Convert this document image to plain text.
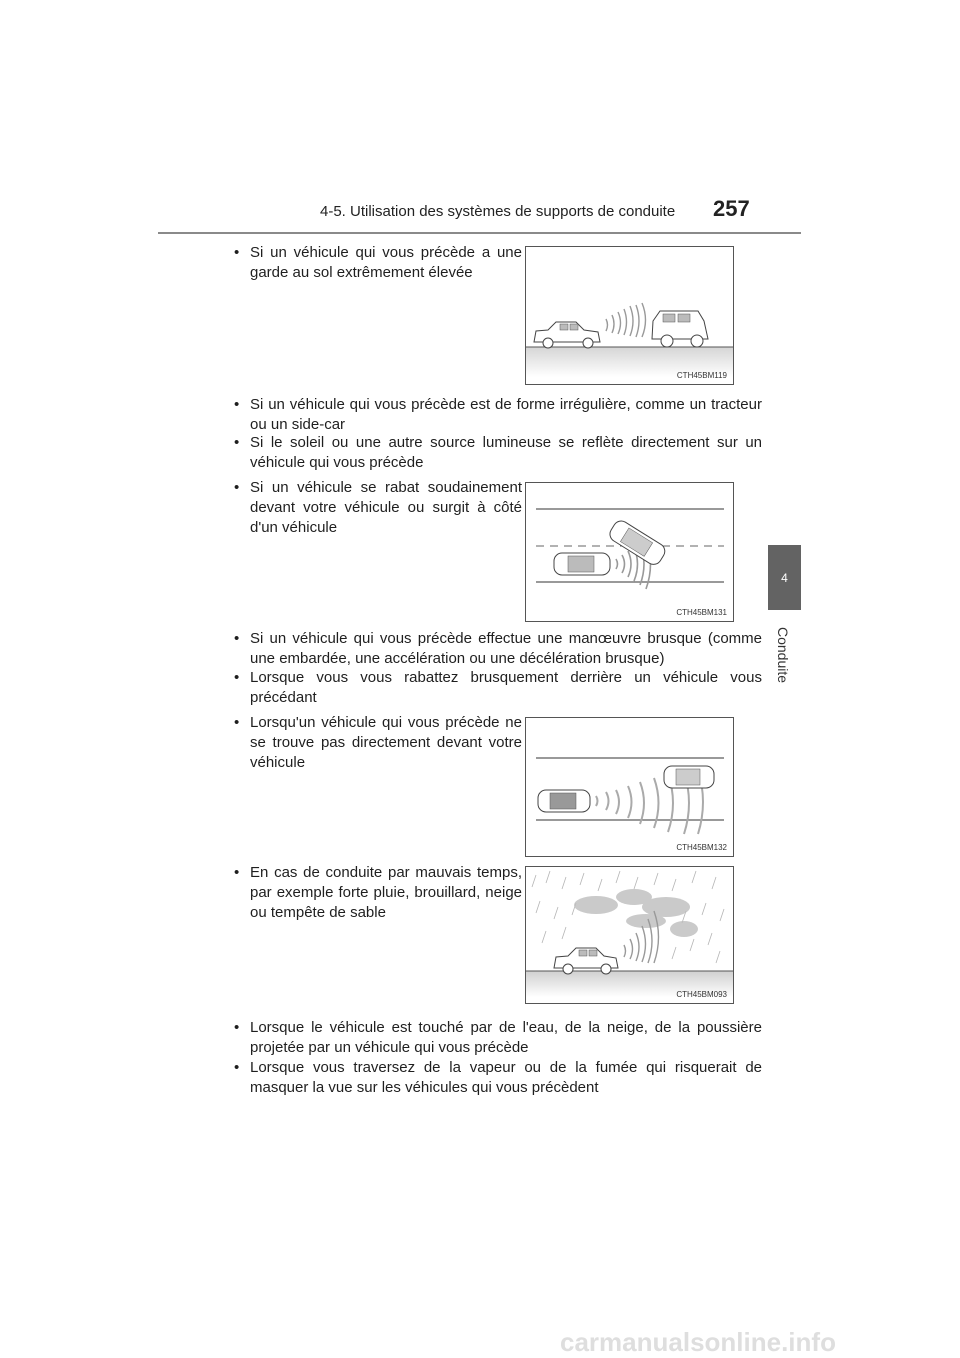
4-5. Utilisation des systèmes de supports de conduite 257
4
Conduite
• Si un véhicule qui vous précède a une garde au sol extrêmement élevée
• Si un véhicule qui vous précède est de forme irrégulière, comme un tracteur ou un side-car
• Si le soleil ou une autre source lumineuse se reflète directement sur un véhicule qui vous précède
• Si un véhicule se rabat soudainement devant votre véhicule ou surgit à côté d'un véhicule
• Si un véhicule qui vous précède effectue une manœuvre brusque (comme une embardée, une accélération ou une décélération brusque)
• Lorsque vous vous rabattez brusquement derrière un véhicule vous précédant
• Lorsqu'un véhicule qui vous précède ne se trouve pas directement devant votre véhicule
• En cas de conduite par mauvais temps, par exemple forte pluie, brouillard, neige ou tempête de sable
• Lorsque le véhicule est touché par de l'eau, de la neige, de la poussière projetée par un véhicule qui vous précède
• Lorsque vous traversez de la vapeur ou de la fumée qui risquerait de masquer la vue sur les véhicules qui vous précèdent
CTH45BM119
CTH45BM131
CTH45BM132
CTH45BM093
carmanualsonline.info
